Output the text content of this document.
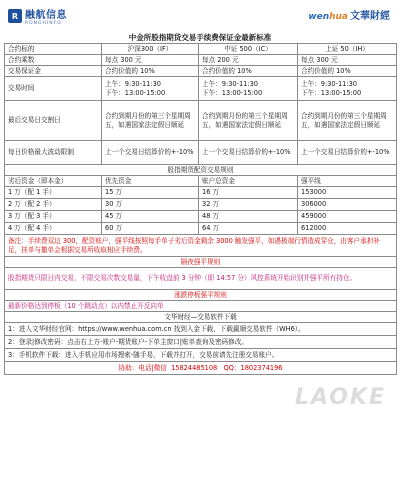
R 融航信息
RONGHINFO
wenhua 文華財經
中金所股指期货交易手续费保证金最新标准
合约标的	沪深300（IF）	中证 500（IC）	上证 50（IH）
合约乘数	每点 300 元	每点 200 元	每点 300 元
交易保证金	合约价值的 10%	合约价值的 10%	合约价值的 10%
交易时间	上午：9:30-11:30
下午：13:00-15:00	上午：9:30-11:30
下午：13:00-15:00	上午：9:30-11:30
下午：13:00-15:00
最后交易日交割日	合约到期月份的第三个星期周五，如遇国家法定假日顺延	合约到期月份的第三个星期周五，如遇国家法定假日顺延	合约到期月份的第三个星期周五，如遇国家法定假日顺延
每日价格最大波动限制	上一个交易日结算价的+-10%	上一个交易日结算价的+-10%	上一个交易日结算价的+-10%
股指期货配资交易规则			
劣后资金（即本金）	优先资金	账户总资金	强平线
1 万（配 1 手）	15 万	16 万	153000
2 万（配 2 手）	30 万	32 万	306000
3 万（配 3 手）	45 万	48 万	459000
4 万（配 4 手）	60 万	64 万	612000
备注：手续费双边 300，配资账户，强平线按照每手单子劣后资金剩余 3000 触发强平，如遇极端行情造成穿仓，由客户承担补足，挂单与撤单会根据交易所收取相应手续费。			
隔夜强平规则			
股指期货只限日内交易，不限交易次数交易量，下午收盘前 3 分钟（即 14:57 分）风控系统开始识别并强平所有持仓。			
涨跌停板强平规则			
最新价格达到停板（10 个跳动点）以内禁止开反向单			
文华财经—交易软件下载			
1：进入文华财经官网：https://www.wenhua.com.cn 找到入金下载，下载赢顺交易软件（WH6）。			
2：登录|修改密码：点击右上方-账户-期货账户-下单主窗口|账单查询及密码修改。			
3：手机软件下载：进入手机应用市场搜索-随手易，下载并打开，交易前请先注册交易账户。			
协助：电话|微信 15824485108 QQ：1802374196			
LAOKE
